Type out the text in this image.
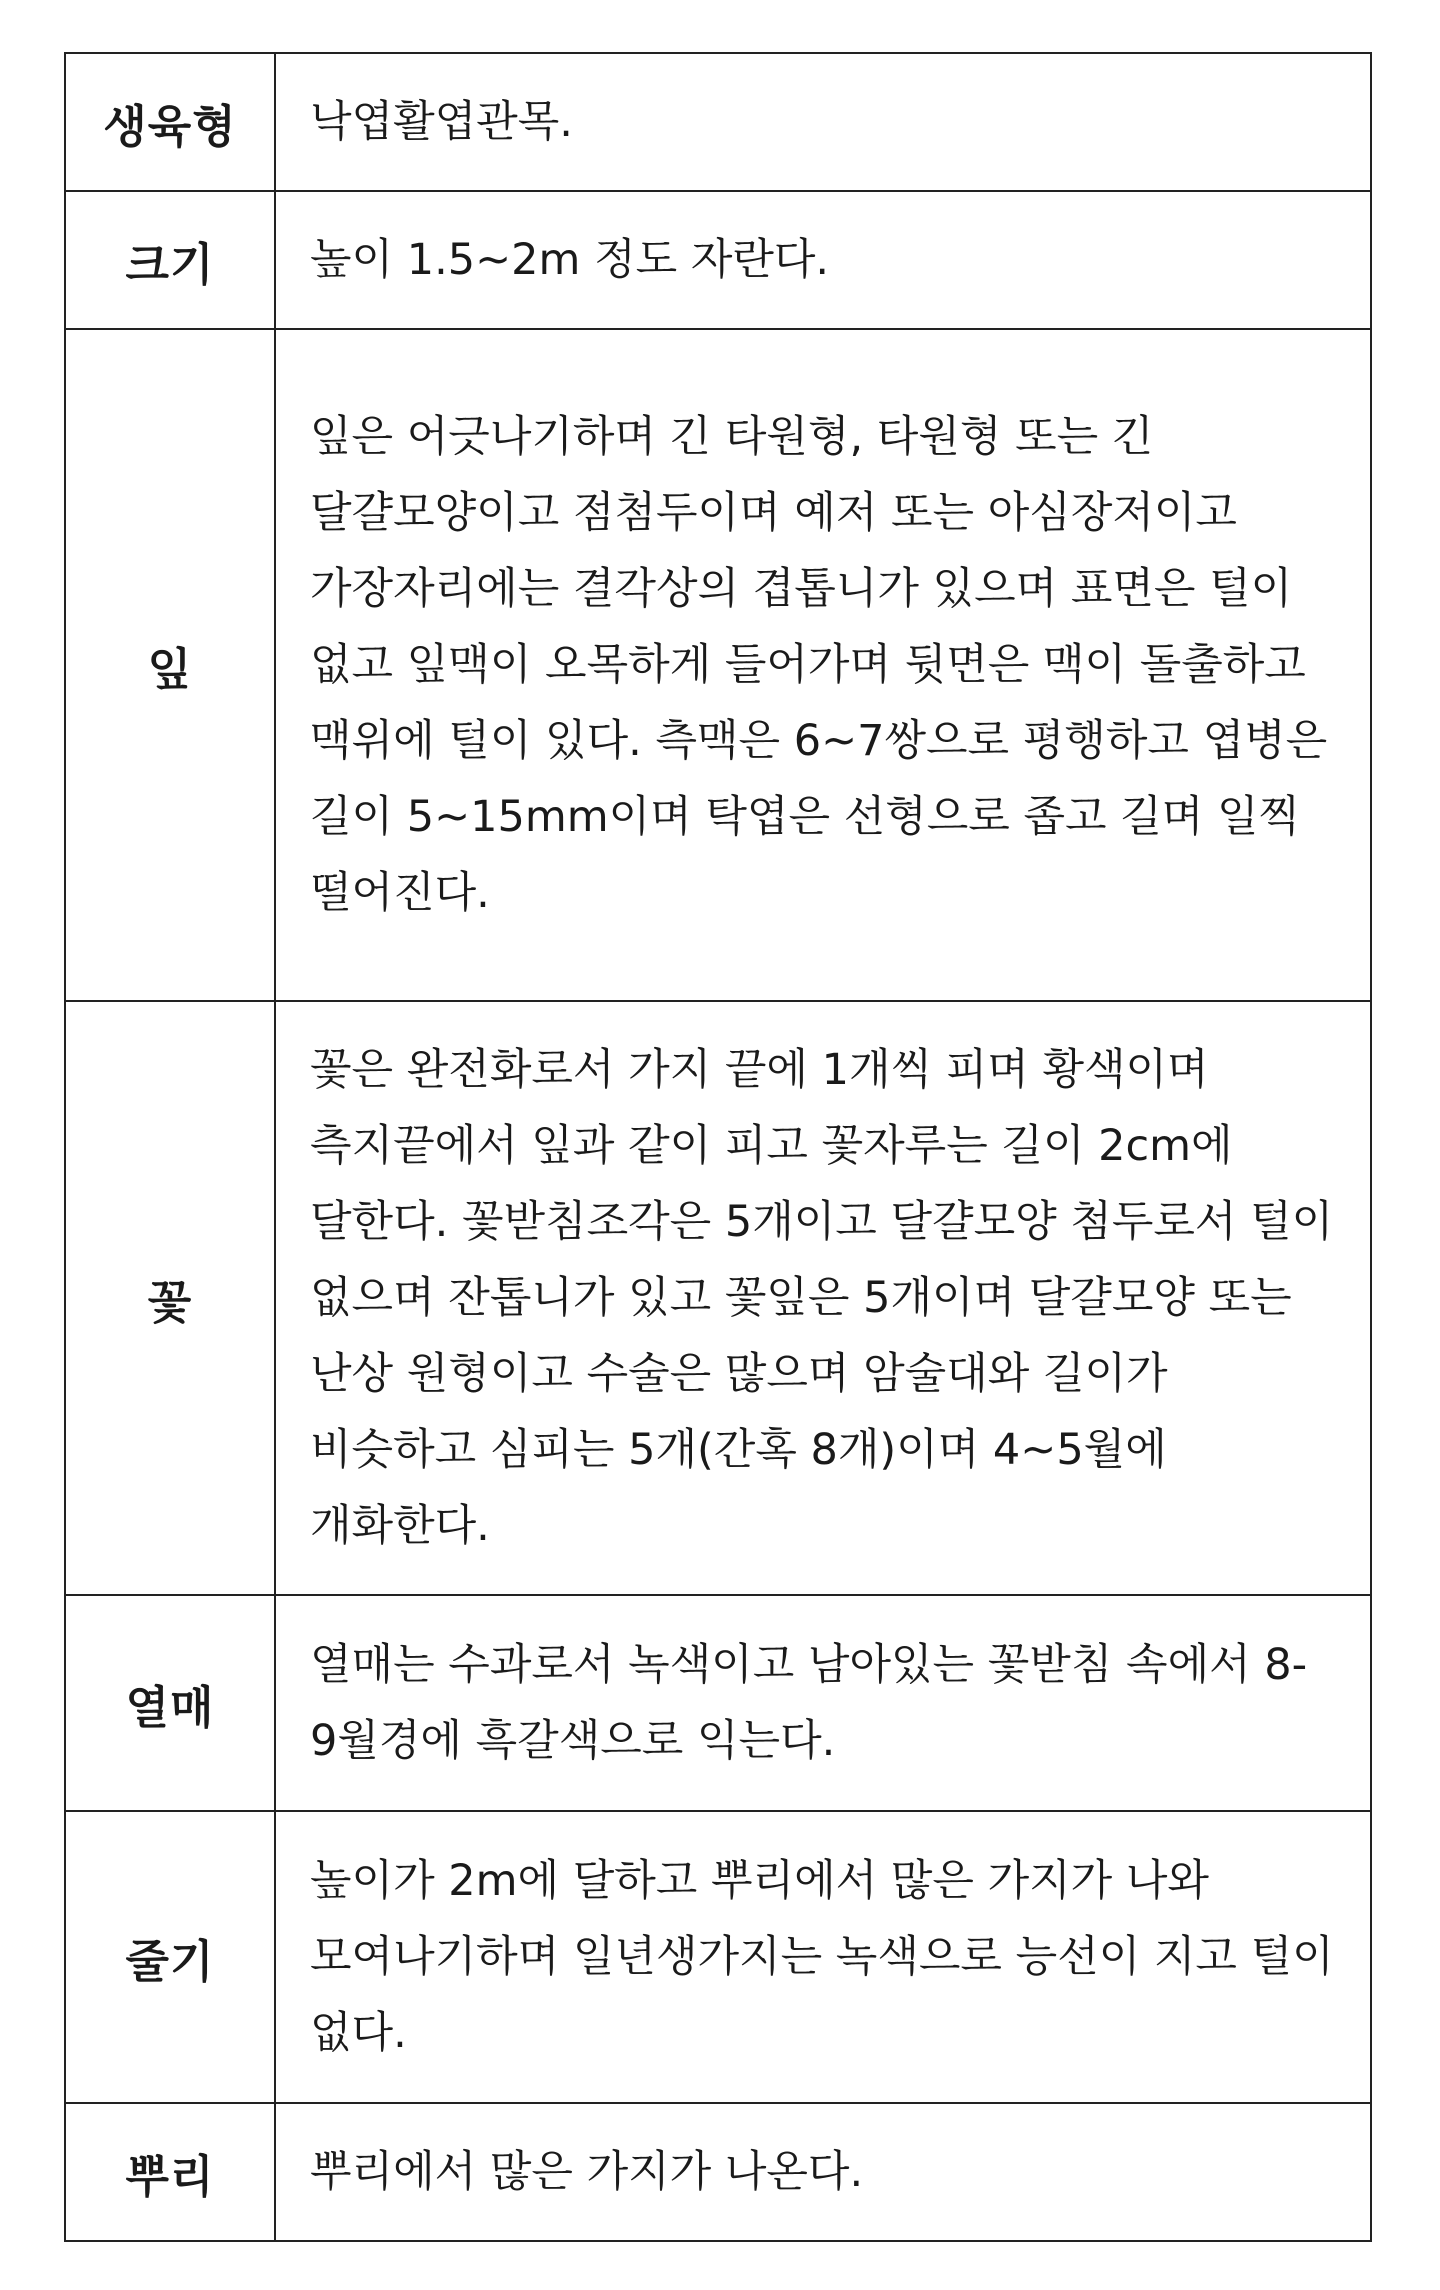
생육형	낙엽활엽관목.
크기	높이 1.5~2m 정도 자란다.
잎	잎은 어긋나기하며 긴 타원형, 타원형 또는 긴 달걀모양이고 점첨두이며 예저 또는 아심장저이고 가장자리에는 결각상의 겹톱니가 있으며 표면은 털이 없고 잎맥이 오목하게 들어가며 뒷면은 맥이 돌출하고 맥위에 털이 있다. 측맥은 6~7쌍으로 평행하고 엽병은 길이 5~15mm이며 탁엽은 선형으로 좁고 길며 일찍 떨어진다.
꽃	꽃은 완전화로서 가지 끝에 1개씩 피며 황색이며 측지끝에서 잎과 같이 피고 꽃자루는 길이 2cm에 달한다. 꽃받침조각은 5개이고 달걀모양 첨두로서 털이 없으며 잔톱니가 있고 꽃잎은 5개이며 달걀모양 또는 난상 원형이고 수술은 많으며 암술대와 길이가 비슷하고 심피는 5개(간혹 8개)이며 4~5월에 개화한다.
열매	열매는 수과로서 녹색이고 남아있는 꽃받침 속에서 8-9월경에 흑갈색으로 익는다.
줄기	높이가 2m에 달하고 뿌리에서 많은 가지가 나와 모여나기하며 일년생가지는 녹색으로 능선이 지고 털이 없다.
뿌리	뿌리에서 많은 가지가 나온다.
